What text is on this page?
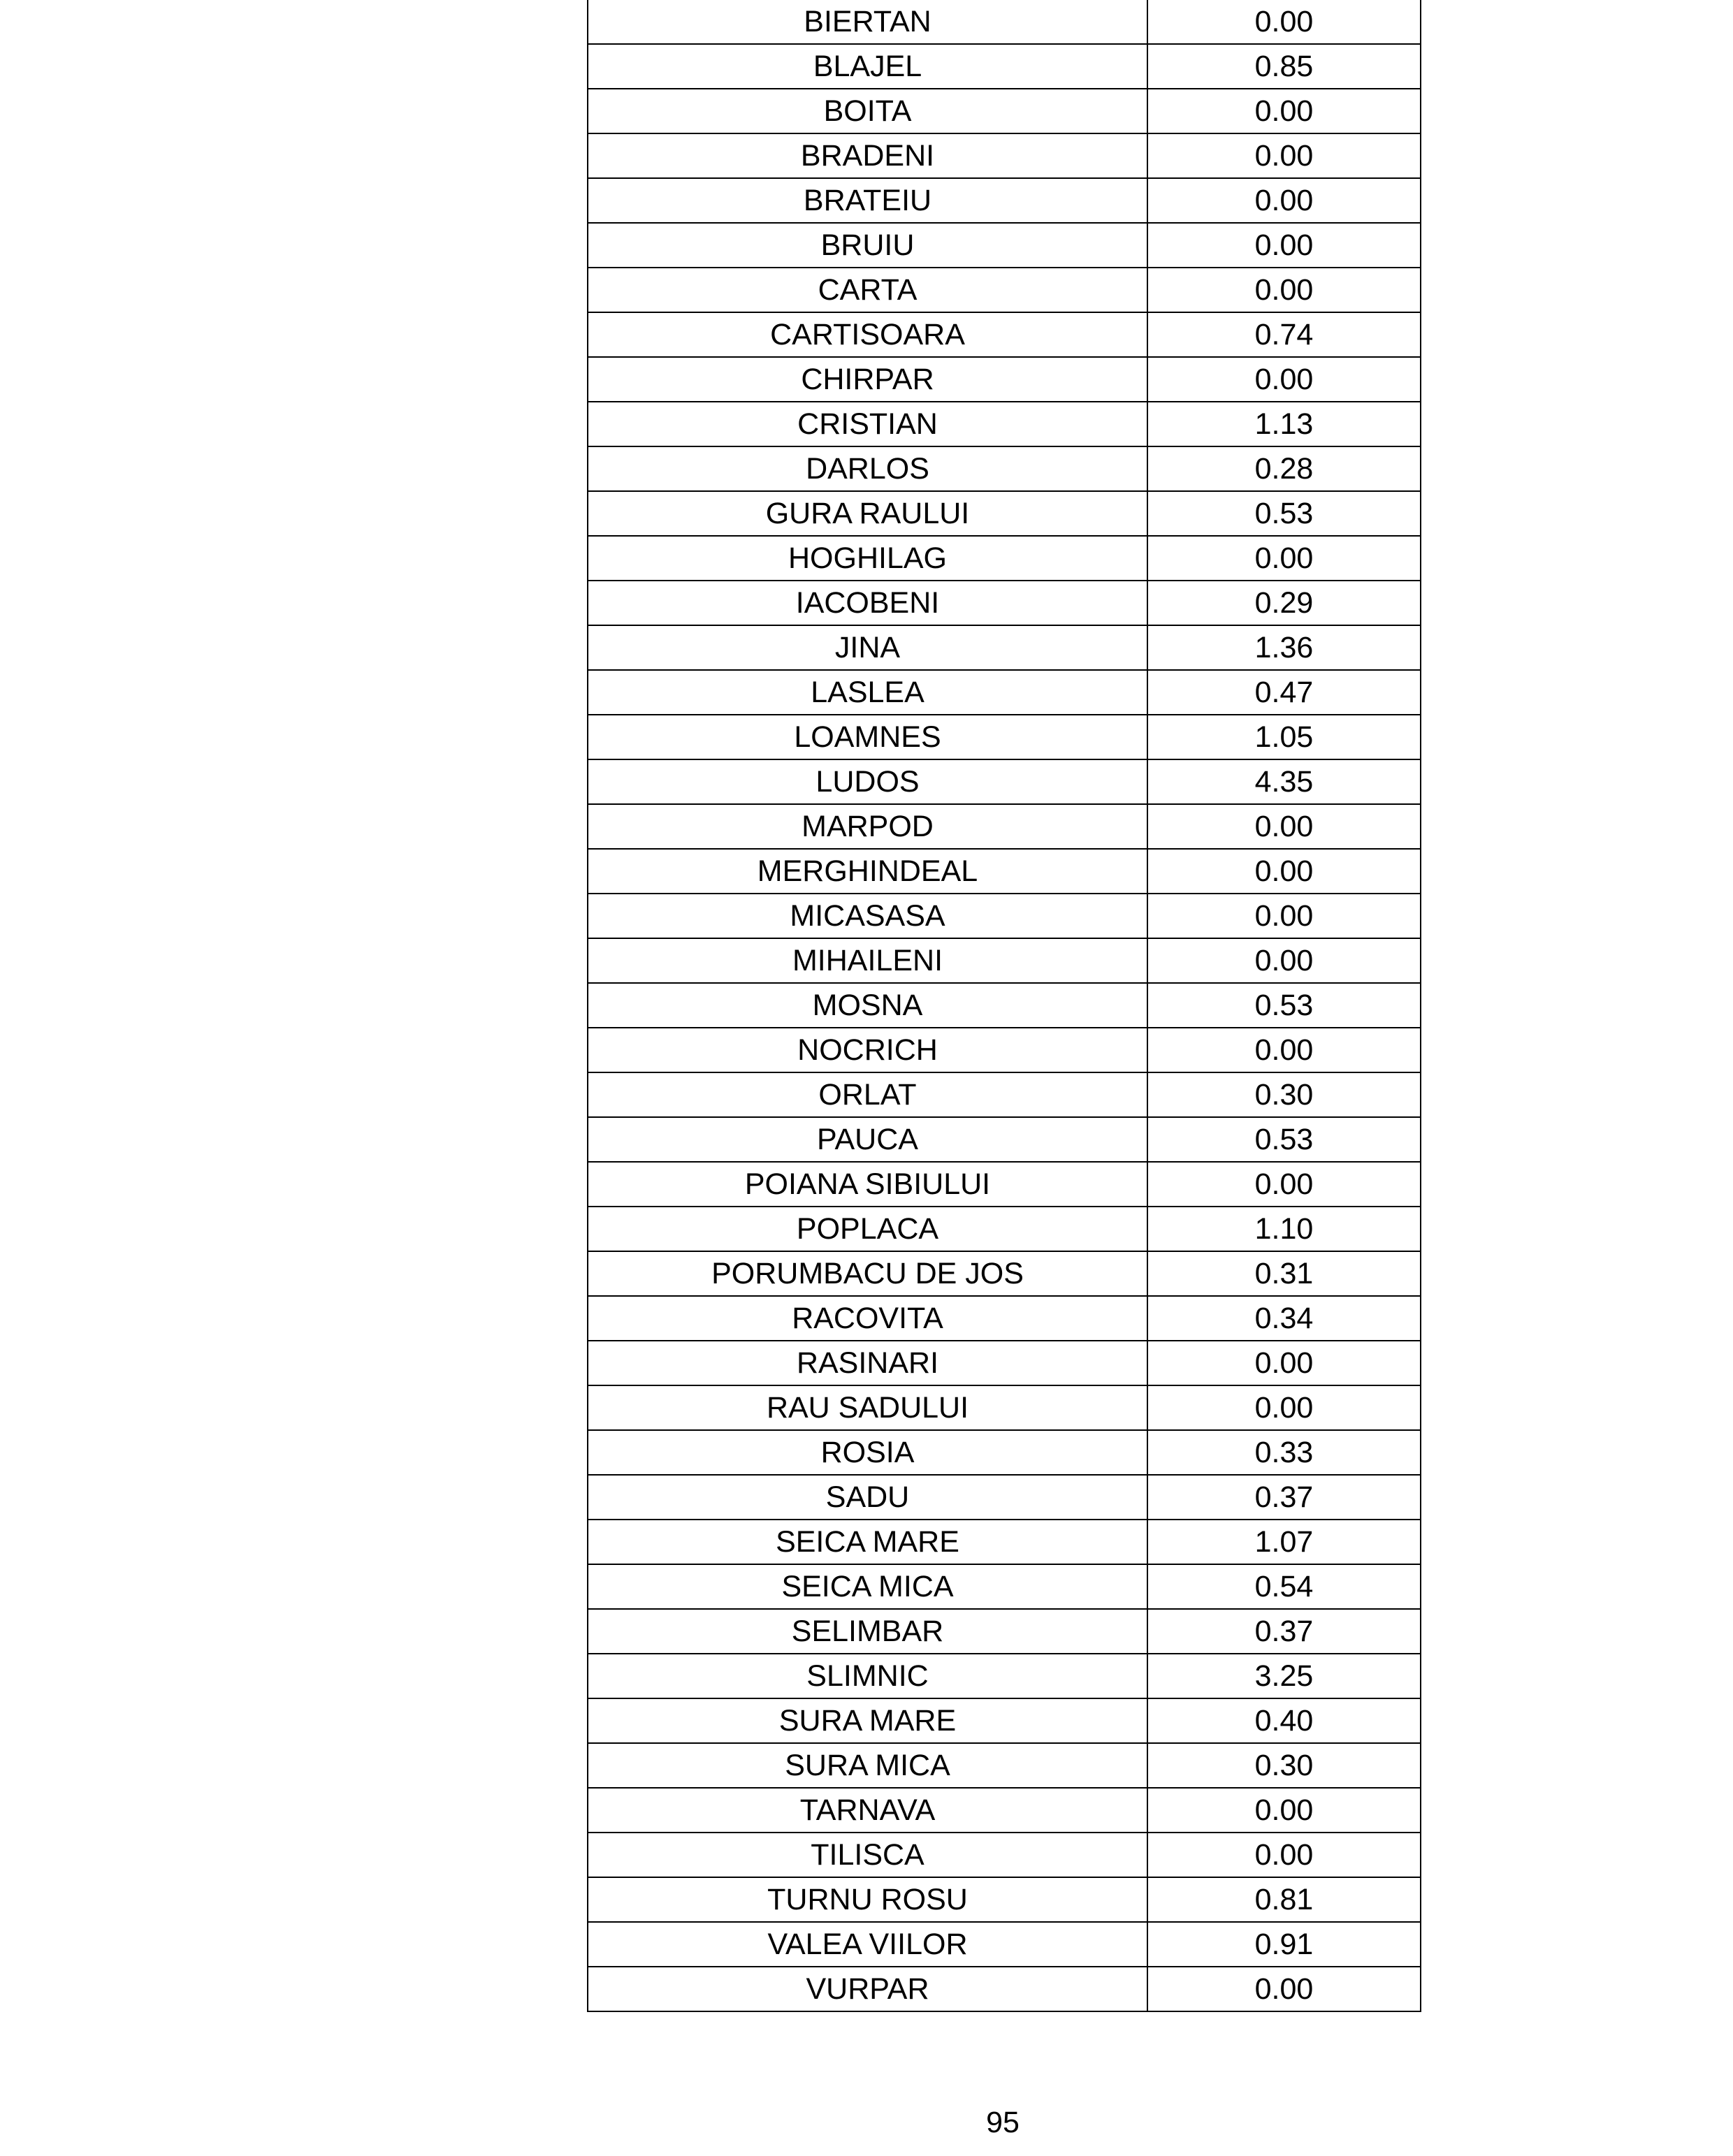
BIERTAN	0.00
BLAJEL	0.85
BOITA	0.00
BRADENI	0.00
BRATEIU	0.00
BRUIU	0.00
CARTA	0.00
CARTISOARA	0.74
CHIRPAR	0.00
CRISTIAN	1.13
DARLOS	0.28
GURA RAULUI	0.53
HOGHILAG	0.00
IACOBENI	0.29
JINA	1.36
LASLEA	0.47
LOAMNES	1.05
LUDOS	4.35
MARPOD	0.00
MERGHINDEAL	0.00
MICASASA	0.00
MIHAILENI	0.00
MOSNA	0.53
NOCRICH	0.00
ORLAT	0.30
PAUCA	0.53
POIANA SIBIULUI	0.00
POPLACA	1.10
PORUMBACU DE JOS	0.31
RACOVITA	0.34
RASINARI	0.00
RAU SADULUI	0.00
ROSIA	0.33
SADU	0.37
SEICA MARE	1.07
SEICA MICA	0.54
SELIMBAR	0.37
SLIMNIC	3.25
SURA MARE	0.40
SURA MICA	0.30
TARNAVA	0.00
TILISCA	0.00
TURNU ROSU	0.81
VALEA VIILOR	0.91
VURPAR	0.00
95
